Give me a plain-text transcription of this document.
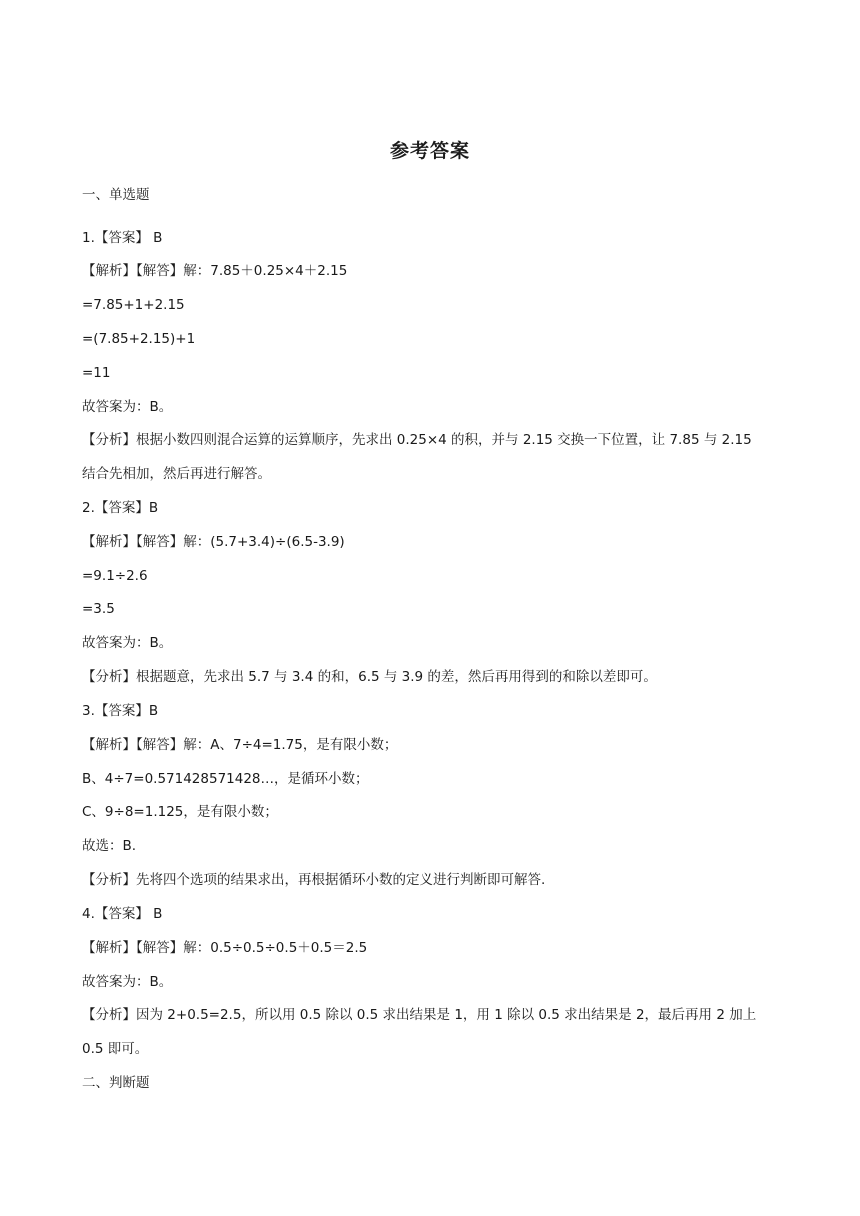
参考答案
一、单选题
1.【答案】 B
【解析】【解答】解：7.85＋0.25×4＋2.15
=7.85+1+2.15
=(7.85+2.15)+1
=11
故答案为：B。
【分析】根据小数四则混合运算的运算顺序，先求出 0.25×4 的积，并与 2.15 交换一下位置，让 7.85 与 2.15
结合先相加，然后再进行解答。
2.【答案】B
【解析】【解答】解：(5.7+3.4)÷(6.5-3.9)
=9.1÷2.6
=3.5
故答案为：B。
【分析】根据题意，先求出 5.7 与 3.4 的和，6.5 与 3.9 的差，然后再用得到的和除以差即可。
3.【答案】B
【解析】【解答】解：A、7÷4=1.75，是有限小数；
B、4÷7=0.571428571428…，是循环小数；
C、9÷8=1.125，是有限小数；
故选：B.
【分析】先将四个选项的结果求出，再根据循环小数的定义进行判断即可解答.
4.【答案】 B
【解析】【解答】解：0.5÷0.5÷0.5＋0.5＝2.5
故答案为：B。
【分析】因为 2+0.5=2.5，所以用 0.5 除以 0.5 求出结果是 1，用 1 除以 0.5 求出结果是 2，最后再用 2 加上
0.5 即可。
二、判断题
